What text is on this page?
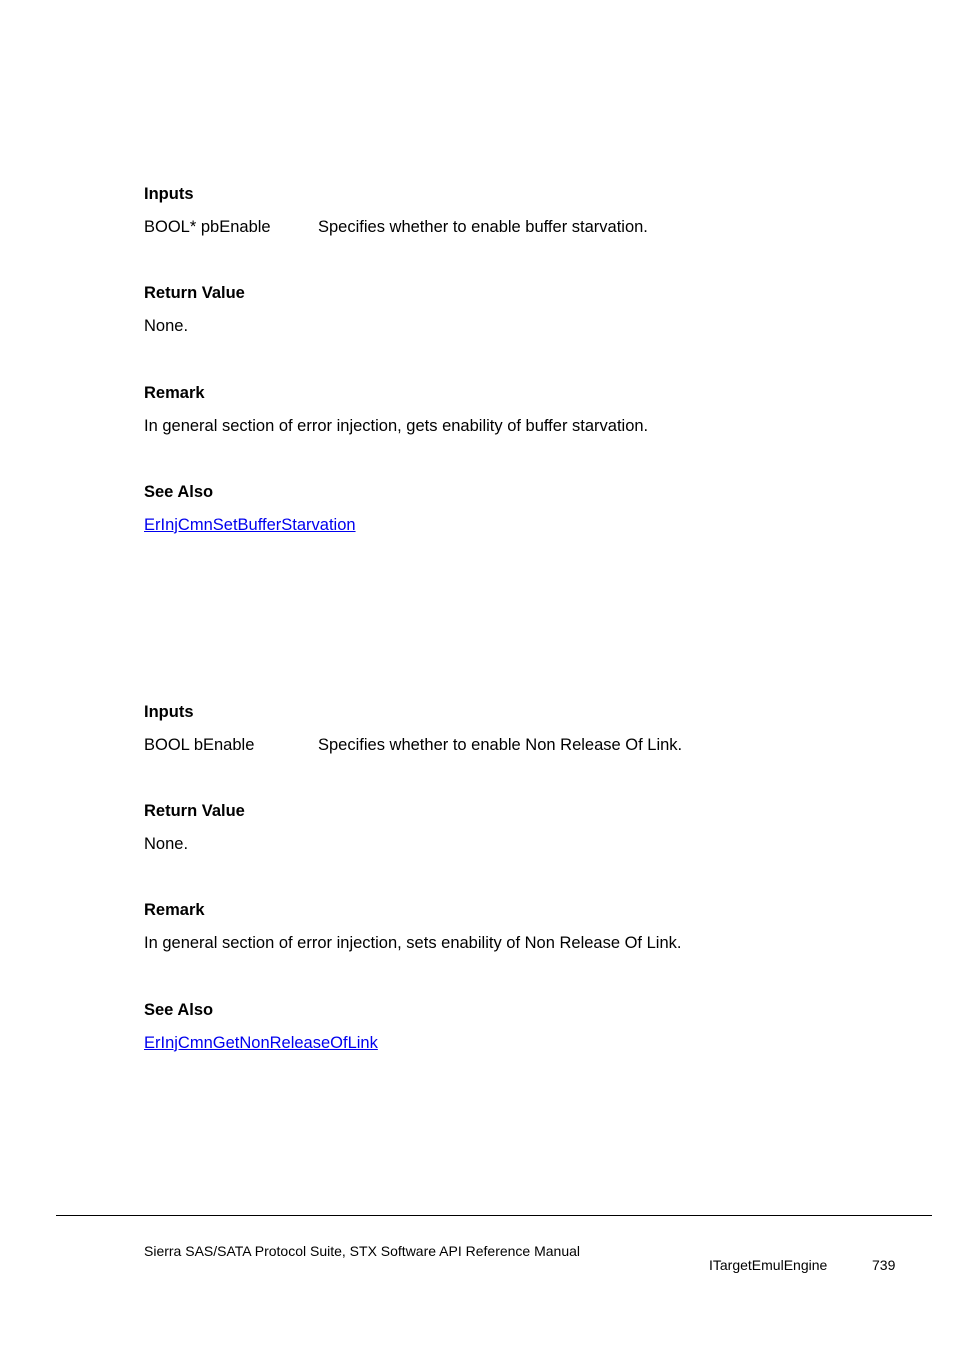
Inputs
BOOL* pbEnable	Specifies whether to enable buffer starvation.
Return Value
None.
Remark
In general section of error injection, gets enability of buffer starvation.
See Also
ErInjCmnSetBufferStarvation
Inputs
BOOL bEnable	Specifies whether to enable Non Release Of Link.
Return Value
None.
Remark
In general section of error injection, sets enability of Non Release Of Link.
See Also
ErInjCmnGetNonReleaseOfLink
Sierra SAS/SATA Protocol Suite, STX Software API Reference Manual
ITargetEmulEngine	739
